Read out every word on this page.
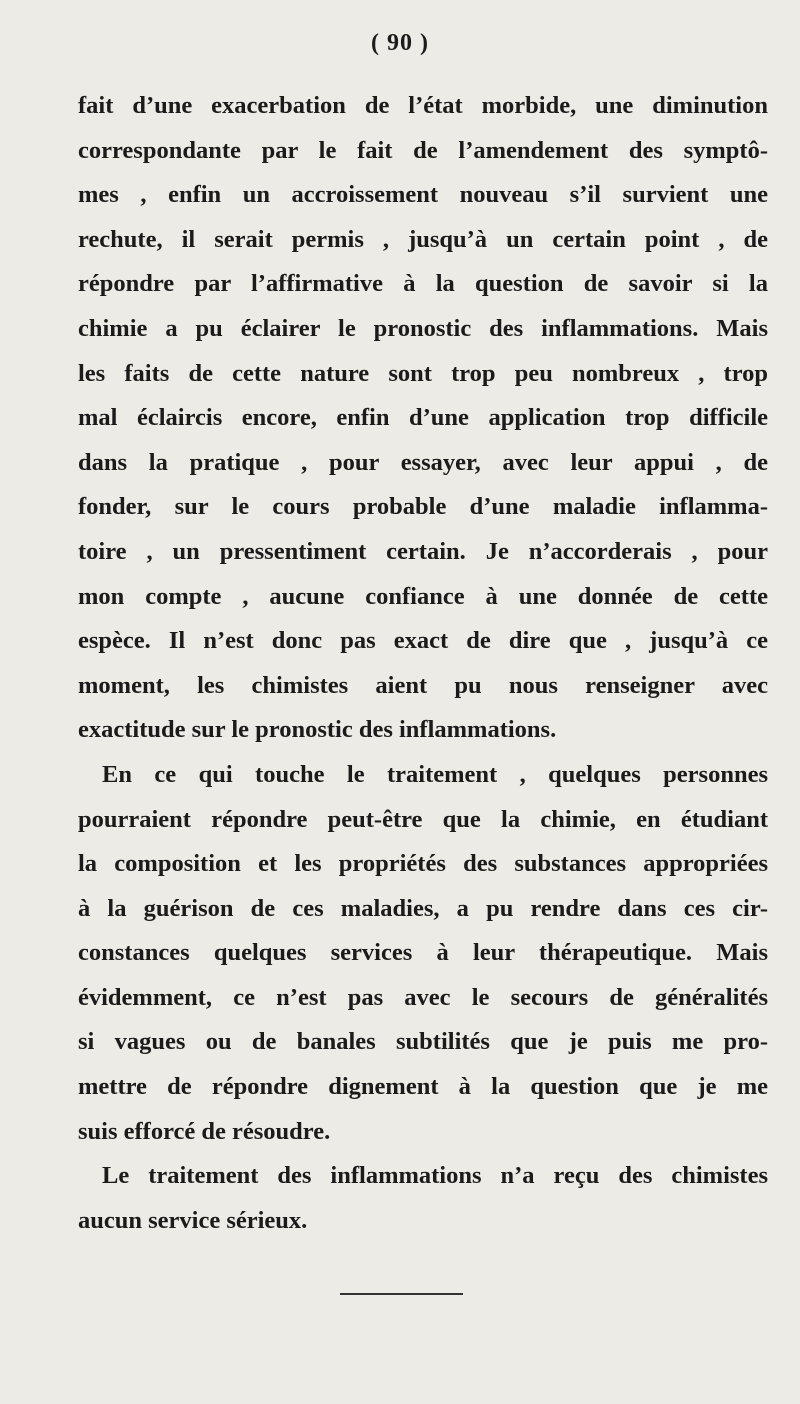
( 90 )
fait d’une exacerbation de l’état morbide, une diminution
correspondante par le fait de l’amendement des symptô-
mes , enfin un accroissement nouveau s’il survient une
rechute, il serait permis , jusqu’à un certain point , de
répondre par l’affirmative à la question de savoir si la
chimie a pu éclairer le pronostic des inflammations. Mais
les faits de cette nature sont trop peu nombreux , trop
mal éclaircis encore, enfin d’une application trop difficile
dans la pratique , pour essayer, avec leur appui , de
fonder, sur le cours probable d’une maladie inflamma-
toire , un pressentiment certain. Je n’accorderais , pour
mon compte , aucune confiance à une donnée de cette
espèce. Il n’est donc pas exact de dire que , jusqu’à ce
moment, les chimistes aient pu nous renseigner avec
exactitude sur le pronostic des inflammations.
En ce qui touche le traitement , quelques personnes
pourraient répondre peut-être que la chimie, en étudiant
la composition et les propriétés des substances appropriées
à la guérison de ces maladies, a pu rendre dans ces cir-
constances quelques services à leur thérapeutique. Mais
évidemment, ce n’est pas avec le secours de généralités
si vagues ou de banales subtilités que je puis me pro-
mettre de répondre dignement à la question que je me
suis efforcé de résoudre.
Le traitement des inflammations n’a reçu des chimistes
aucun service sérieux.
